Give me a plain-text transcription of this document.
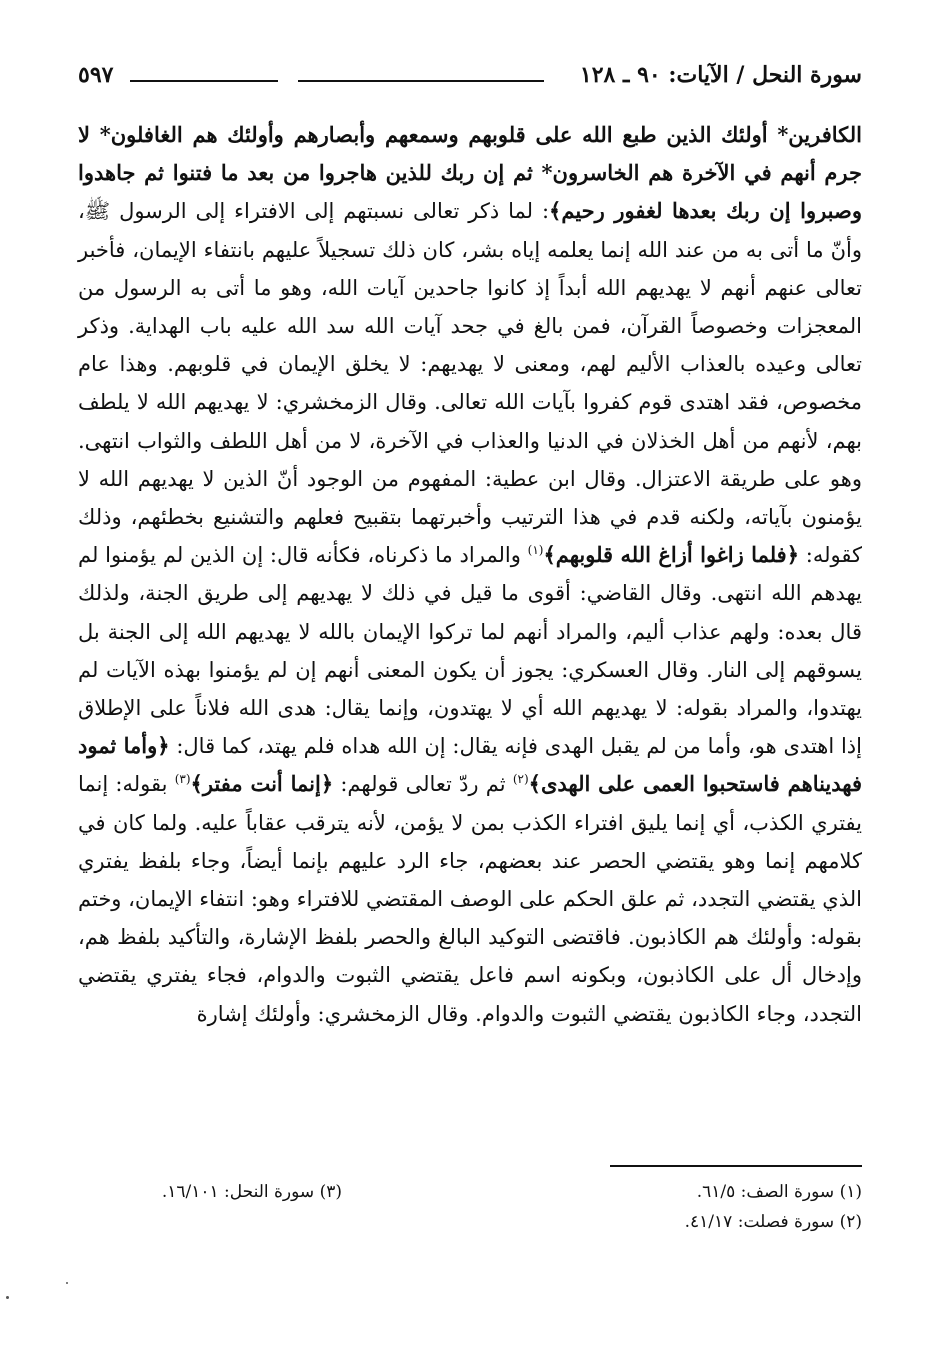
سورة النحل / الآيات: ٩٠ ـ ١٢٨
٥٩٧

الكافرين* أولئك الذين طبع الله على قلوبهم وسمعهم وأبصارهم وأولئك هم الغافلون* لا جرم أنهم في الآخرة هم الخاسرون* ثم إن ربك للذين هاجروا من بعد ما فتنوا ثم جاهدوا وصبروا إن ربك بعدها لغفور رحيم﴾: لما ذكر تعالى نسبتهم إلى الافتراء إلى الرسول ﷺ، وأنّ ما أتى به من عند الله إنما يعلمه إياه بشر، كان ذلك تسجيلاً عليهم بانتفاء الإيمان، فأخبر تعالى عنهم أنهم لا يهديهم الله أبداً إذ كانوا جاحدين آيات الله، وهو ما أتى به الرسول من المعجزات وخصوصاً القرآن، فمن بالغ في جحد آيات الله سد الله عليه باب الهداية. وذكر تعالى وعيده بالعذاب الأليم لهم، ومعنى لا يهديهم: لا يخلق الإيمان في قلوبهم. وهذا عام مخصوص، فقد اهتدى قوم كفروا بآيات الله تعالى. وقال الزمخشري: لا يهديهم الله لا يلطف بهم، لأنهم من أهل الخذلان في الدنيا والعذاب في الآخرة، لا من أهل اللطف والثواب انتهى. وهو على طريقة الاعتزال. وقال ابن عطية: المفهوم من الوجود أنّ الذين لا يهديهم الله لا يؤمنون بآياته، ولكنه قدم في هذا الترتيب وأخبرتهما بتقبيح فعلهم والتشنيع بخطئهم، وذلك كقوله: ﴿فلما زاغوا أزاغ الله قلوبهم﴾$^{(١)}$ والمراد ما ذكرناه، فكأنه قال: إن الذين لم يؤمنوا لم يهدهم الله انتهى. وقال القاضي: أقوى ما قيل في ذلك لا يهديهم إلى طريق الجنة، ولذلك قال بعده: ولهم عذاب أليم، والمراد أنهم لما تركوا الإيمان بالله لا يهديهم الله إلى الجنة بل يسوقهم إلى النار. وقال العسكري: يجوز أن يكون المعنى أنهم إن لم يؤمنوا بهذه الآيات لم يهتدوا، والمراد بقوله: لا يهديهم الله أي لا يهتدون، وإنما يقال: هدى الله فلاناً على الإطلاق إذا اهتدى هو، وأما من لم يقبل الهدى فإنه يقال: إن الله هداه فلم يهتد، كما قال: ﴿وأما ثمود فهديناهم فاستحبوا العمى على الهدى﴾$^{(٢)}$ ثم ردّ تعالى قولهم: ﴿إنما أنت مفتر﴾$^{(٣)}$ بقوله: إنما يفتري الكذب، أي إنما يليق افتراء الكذب بمن لا يؤمن، لأنه يترقب عقاباً عليه. ولما كان في كلامهم إنما وهو يقتضي الحصر عند بعضهم، جاء الرد عليهم بإنما أيضاً، وجاء بلفظ يفتري الذي يقتضي التجدد، ثم علق الحكم على الوصف المقتضي للافتراء وهو: انتفاء الإيمان، وختم بقوله: وأولئك هم الكاذبون. فاقتضى التوكيد البالغ والحصر بلفظ الإشارة، والتأكيد بلفظ هم، وإدخال أل على الكاذبون، وبكونه اسم فاعل يقتضي الثبوت والدوام، فجاء يفتري يقتضي التجدد، وجاء الكاذبون يقتضي الثبوت والدوام. وقال الزمخشري: وأولئك إشارة

(١) سورة الصف: ٦١/٥.
(٣) سورة النحل: ١٦/١٠١.
(٢) سورة فصلت: ٤١/١٧.
